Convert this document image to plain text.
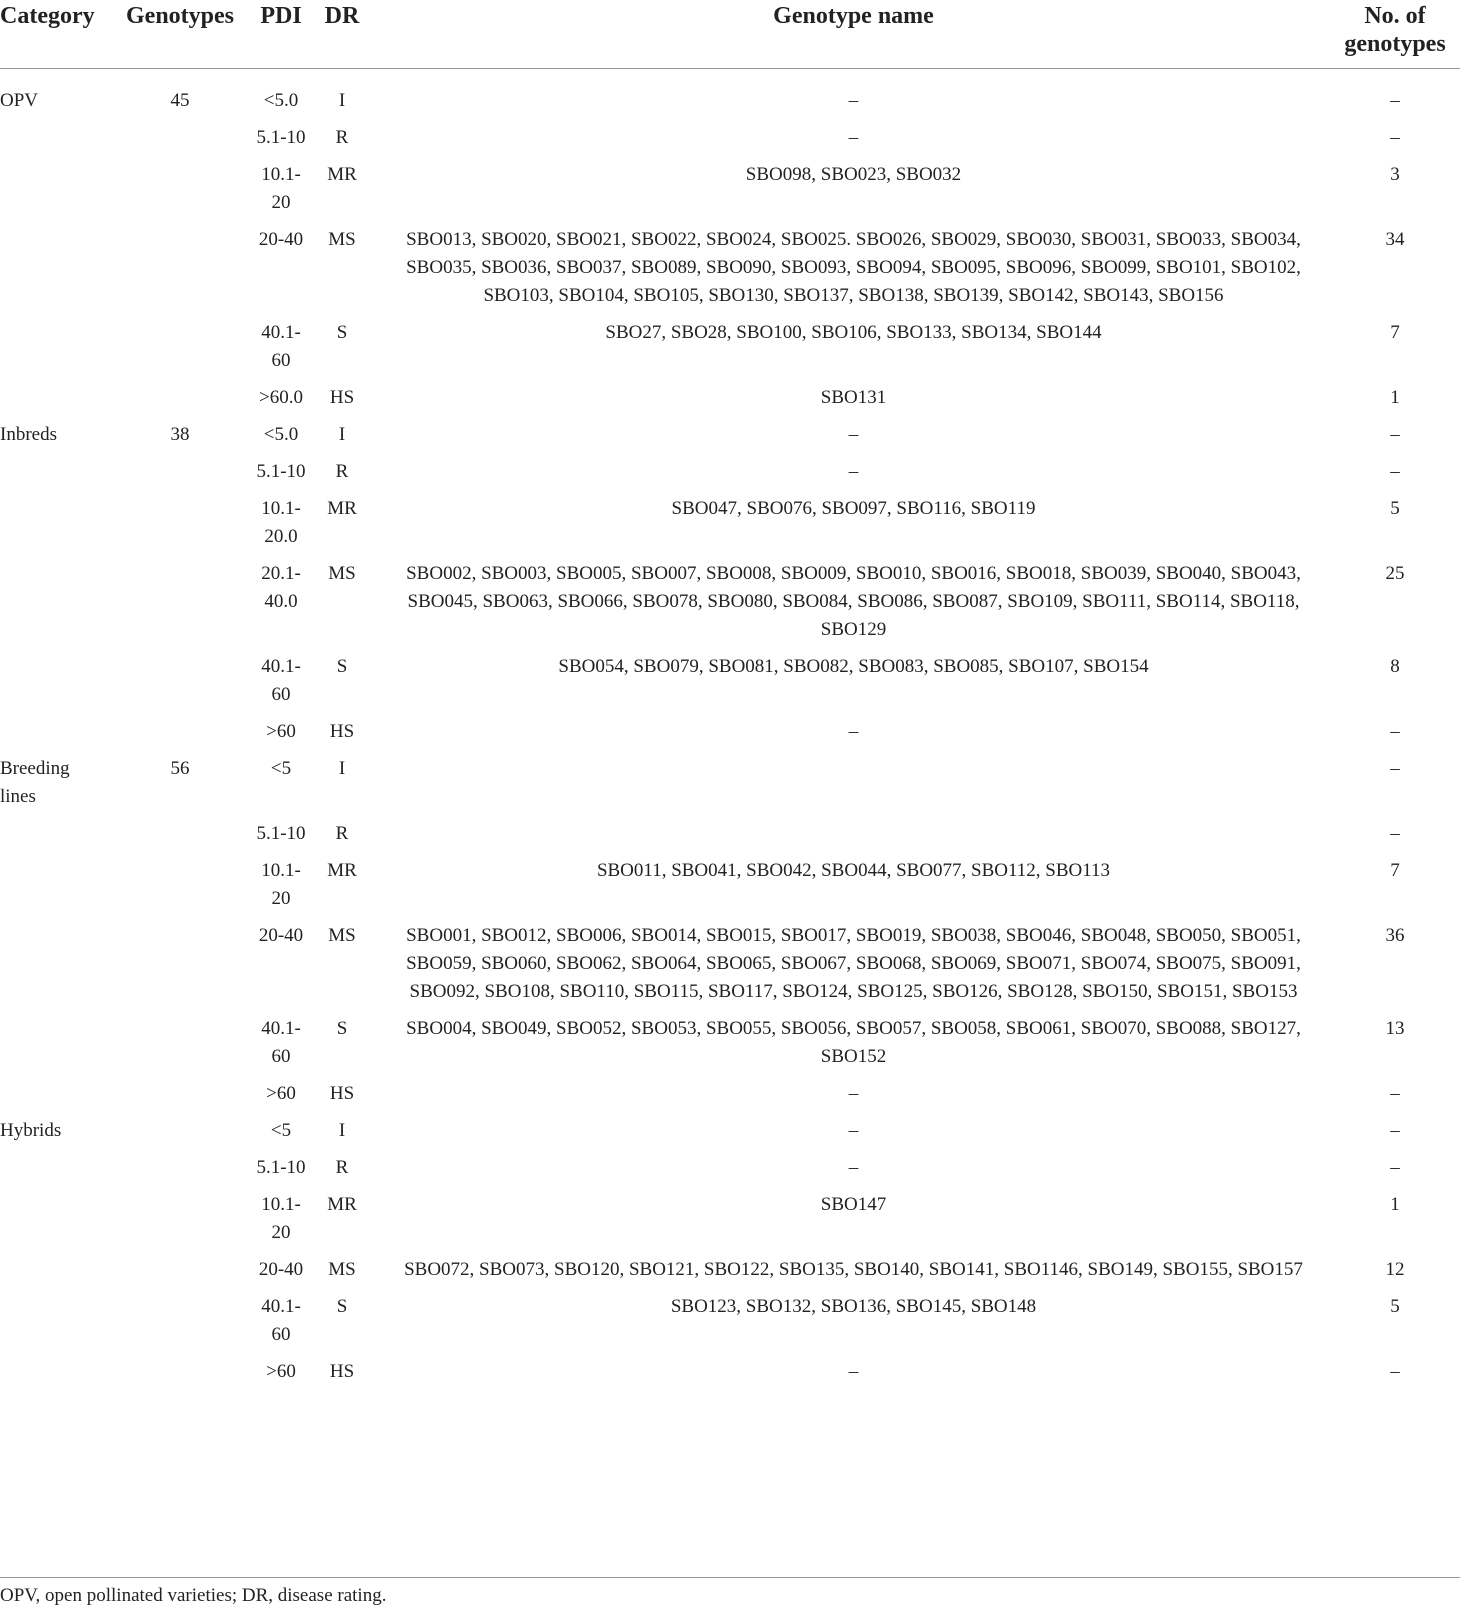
Category	Genotypes	PDI	DR	Genotype name	No. of genotypes
OPV	45	<5.0	I	–	–
		5.1-10	R	–	–
		10.1-20	MR	SBO098, SBO023, SBO032	3
		20-40	MS	SBO013, SBO020, SBO021, SBO022, SBO024, SBO025. SBO026, SBO029, SBO030, SBO031, SBO033, SBO034, SBO035, SBO036, SBO037, SBO089, SBO090, SBO093, SBO094, SBO095, SBO096, SBO099, SBO101, SBO102, SBO103, SBO104, SBO105, SBO130, SBO137, SBO138, SBO139, SBO142, SBO143, SBO156	34
		40.1-60	S	SBO27, SBO28, SBO100, SBO106, SBO133, SBO134, SBO144	7
		>60.0	HS	SBO131	1
Inbreds	38	<5.0	I	–	–
		5.1-10	R	–	–
		10.1-20.0	MR	SBO047, SBO076, SBO097, SBO116, SBO119	5
		20.1-40.0	MS	SBO002, SBO003, SBO005, SBO007, SBO008, SBO009, SBO010, SBO016, SBO018, SBO039, SBO040, SBO043, SBO045, SBO063, SBO066, SBO078, SBO080, SBO084, SBO086, SBO087, SBO109, SBO111, SBO114, SBO118, SBO129	25
		40.1-60	S	SBO054, SBO079, SBO081, SBO082, SBO083, SBO085, SBO107, SBO154	8
		>60	HS	–	–
Breeding lines	56	<5	I		–
		5.1-10	R		–
		10.1-20	MR	SBO011, SBO041, SBO042, SBO044, SBO077, SBO112, SBO113	7
		20-40	MS	SBO001, SBO012, SBO006, SBO014, SBO015, SBO017, SBO019, SBO038, SBO046, SBO048, SBO050, SBO051, SBO059, SBO060, SBO062, SBO064, SBO065, SBO067, SBO068, SBO069, SBO071, SBO074, SBO075, SBO091, SBO092, SBO108, SBO110, SBO115, SBO117, SBO124, SBO125, SBO126, SBO128, SBO150, SBO151, SBO153	36
		40.1-60	S	SBO004, SBO049, SBO052, SBO053, SBO055, SBO056, SBO057, SBO058, SBO061, SBO070, SBO088, SBO127, SBO152	13
		>60	HS	–	–
Hybrids		<5	I	–	–
		5.1-10	R	–	–
		10.1-20	MR	SBO147	1
		20-40	MS	SBO072, SBO073, SBO120, SBO121, SBO122, SBO135, SBO140, SBO141, SBO1146, SBO149, SBO155, SBO157	12
		40.1-60	S	SBO123, SBO132, SBO136, SBO145, SBO148	5
		>60	HS	–	–
OPV, open pollinated varieties; DR, disease rating.
